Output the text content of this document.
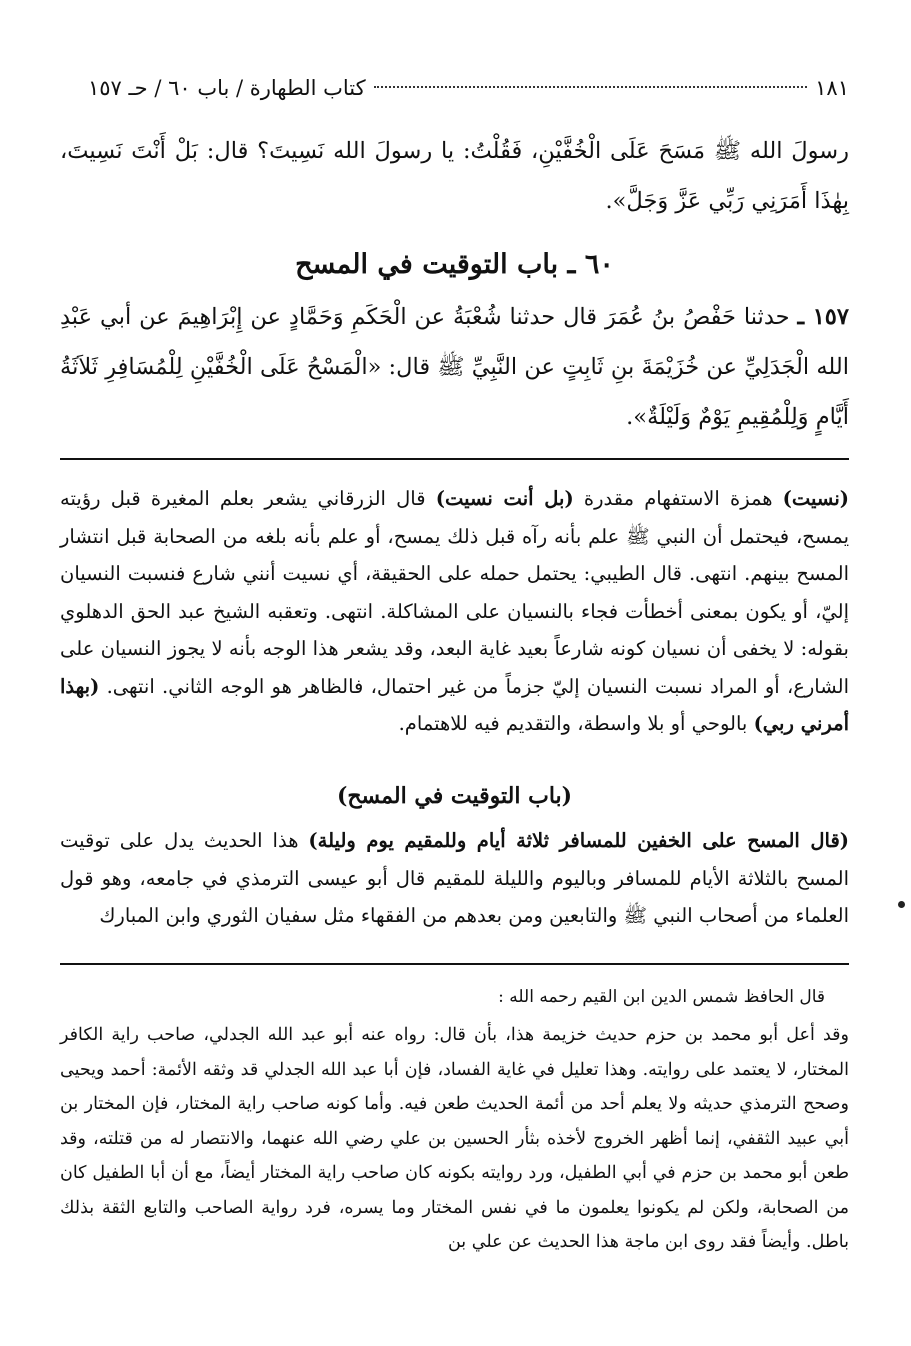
كتاب الطهارة / باب ٦٠ / حـ ١٥٧	١٨١
رسولَ الله ﷺ مَسَحَ عَلَى الْخُفَّيْنِ، فَقُلْتُ: يا رسولَ الله نَسِيتَ؟ قال: بَلْ أَنْتَ نَسِيتَ، بِهٰذَا أَمَرَنِي رَبِّي عَزَّ وَجَلَّ».
٦٠ ـ باب التوقيت في المسح

١٥٧ ـ حدثنا حَفْصُ بنُ عُمَرَ قال حدثنا شُعْبَةُ عن الْحَكَمِ وَحَمَّادٍ عن إِبْرَاهِيمَ عن أبي عَبْدِ الله الْجَدَلِيِّ عن خُزَيْمَةَ بنِ ثَابِتٍ عن النَّبِيِّ ﷺ قال: «الْمَسْحُ عَلَى الْخُفَّيْنِ لِلْمُسَافِرِ ثَلاَثَةُ أَيَّامٍ وَلِلْمُقِيمِ يَوْمٌ وَلَيْلَةٌ».

(نسيت) همزة الاستفهام مقدرة (بل أنت نسيت) قال الزرقاني يشعر بعلم المغيرة قبل رؤيته يمسح، فيحتمل أن النبي ﷺ علم بأنه رآه قبل ذلك يمسح، أو علم بأنه بلغه من الصحابة قبل انتشار المسح بينهم. انتهى. قال الطيبي: يحتمل حمله على الحقيقة، أي نسيت أنني شارع فنسبت النسيان إليّ، أو يكون بمعنى أخطأت فجاء بالنسيان على المشاكلة. انتهى. وتعقبه الشيخ عبد الحق الدهلوي بقوله: لا يخفى أن نسيان كونه شارعاً بعيد غاية البعد، وقد يشعر هذا الوجه بأنه لا يجوز النسيان على الشارع، أو المراد نسبت النسيان إليّ جزماً من غير احتمال، فالظاهر هو الوجه الثاني. انتهى. (بهذا أمرني ربي) بالوحي أو بلا واسطة، والتقديم فيه للاهتمام.

(باب التوقيت في المسح)

(قال المسح على الخفين للمسافر ثلاثة أيام وللمقيم يوم وليلة) هذا الحديث يدل على توقيت المسح بالثلاثة الأيام للمسافر وباليوم والليلة للمقيم قال أبو عيسى الترمذي في جامعه، وهو قول العلماء من أصحاب النبي ﷺ والتابعين ومن بعدهم من الفقهاء مثل سفيان الثوري وابن المبارك

قال الحافظ شمس الدين ابن القيم رحمه الله :

وقد أعل أبو محمد بن حزم حديث خزيمة هذا، بأن قال: رواه عنه أبو عبد الله الجدلي، صاحب راية الكافر المختار، لا يعتمد على روايته. وهذا تعليل في غاية الفساد، فإن أبا عبد الله الجدلي قد وثقه الأئمة: أحمد ويحيى وصحح الترمذي حديثه ولا يعلم أحد من أئمة الحديث طعن فيه. وأما كونه صاحب راية المختار، فإن المختار بن أبي عبيد الثقفي، إنما أظهر الخروج لأخذه بثأر الحسين بن علي رضي الله عنهما، والانتصار له من قتلته، وقد طعن أبو محمد بن حزم في أبي الطفيل، ورد روايته بكونه كان صاحب راية المختار أيضاً، مع أن أبا الطفيل كان من الصحابة، ولكن لم يكونوا يعلمون ما في نفس المختار وما يسره، فرد رواية الصاحب والتابع الثقة بذلك باطل. وأيضاً فقد روى ابن ماجة هذا الحديث عن علي بن
